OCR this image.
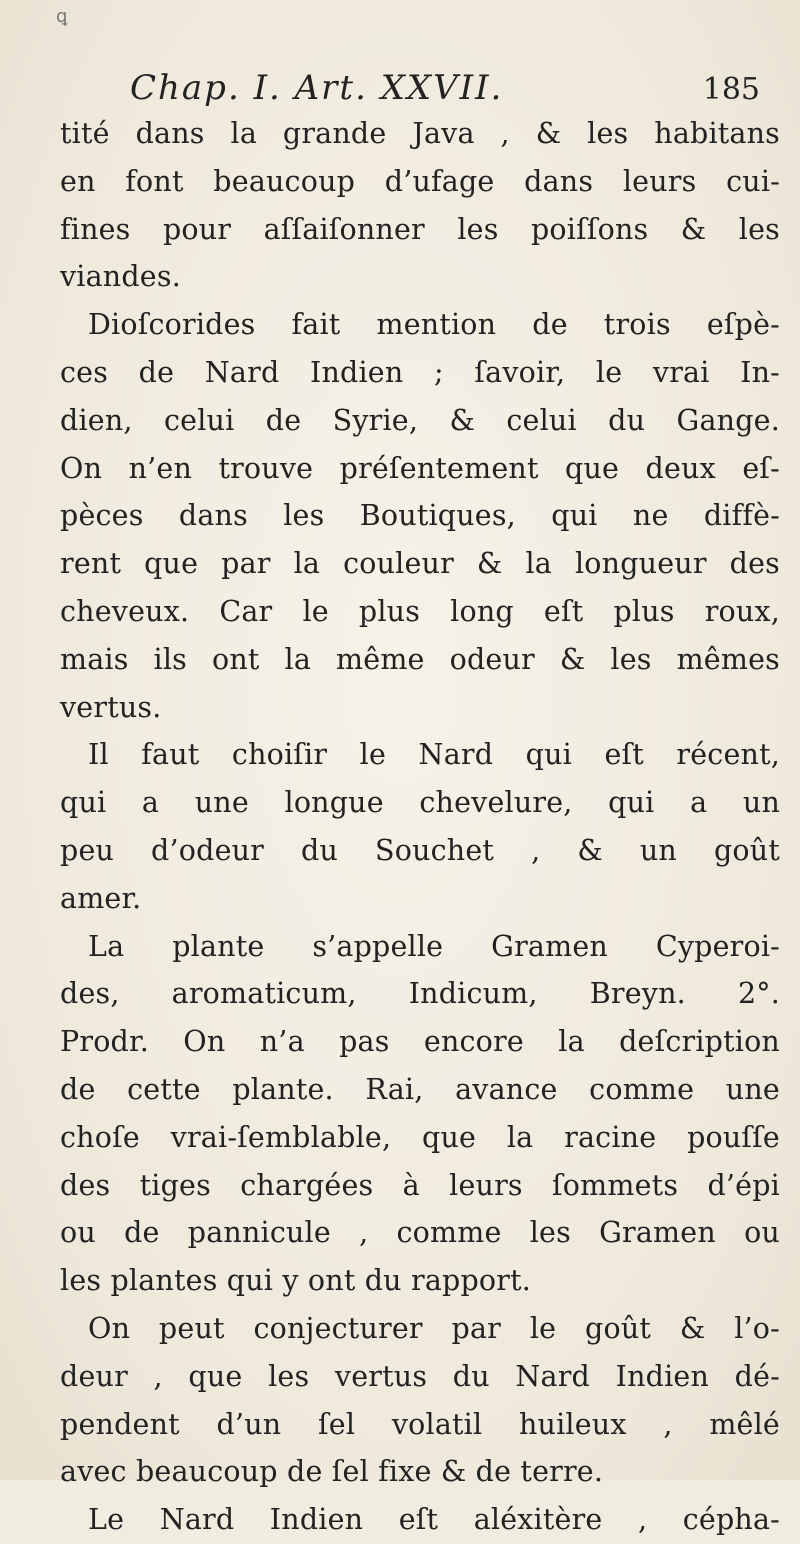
ꝗ
Chap. I. Art. XXVII.	185
tité dans la grande Java , & les habitans
en font beaucoup d’ufage dans leurs cui-
fines pour aſſaiſonner les poiſſons & les
viandes.
Dioſcorides fait mention de trois eſpè-
ces de Nard Indien ; ſavoir, le vrai In-
dien, celui de Syrie, & celui du Gange.
On n’en trouve préſentement que deux eſ-
pèces dans les Boutiques, qui ne diffè-
rent que par la couleur & la longueur des
cheveux. Car le plus long eſt plus roux,
mais ils ont la même odeur & les mêmes
vertus.
Il faut choiſir le Nard qui eſt récent,
qui a une longue chevelure, qui a un
peu d’odeur du Souchet , & un goût
amer.
La plante s’appelle Gramen Cyperoi-
des, aromaticum, Indicum, Breyn. 2°.
Prodr. On n’a pas encore la deſcription
de cette plante. Rai, avance comme une
choſe vrai-ſemblable, que la racine pouſſe
des tiges chargées à leurs ſommets d’épi
ou de pannicule , comme les Gramen ou
les plantes qui y ont du rapport.
On peut conjecturer par le goût & l’o-
deur , que les vertus du Nard Indien dé-
pendent d’un ſel volatil huileux , mêlé
avec beaucoup de ſel fixe & de terre.
Le Nard Indien eſt aléxitère , cépha-
